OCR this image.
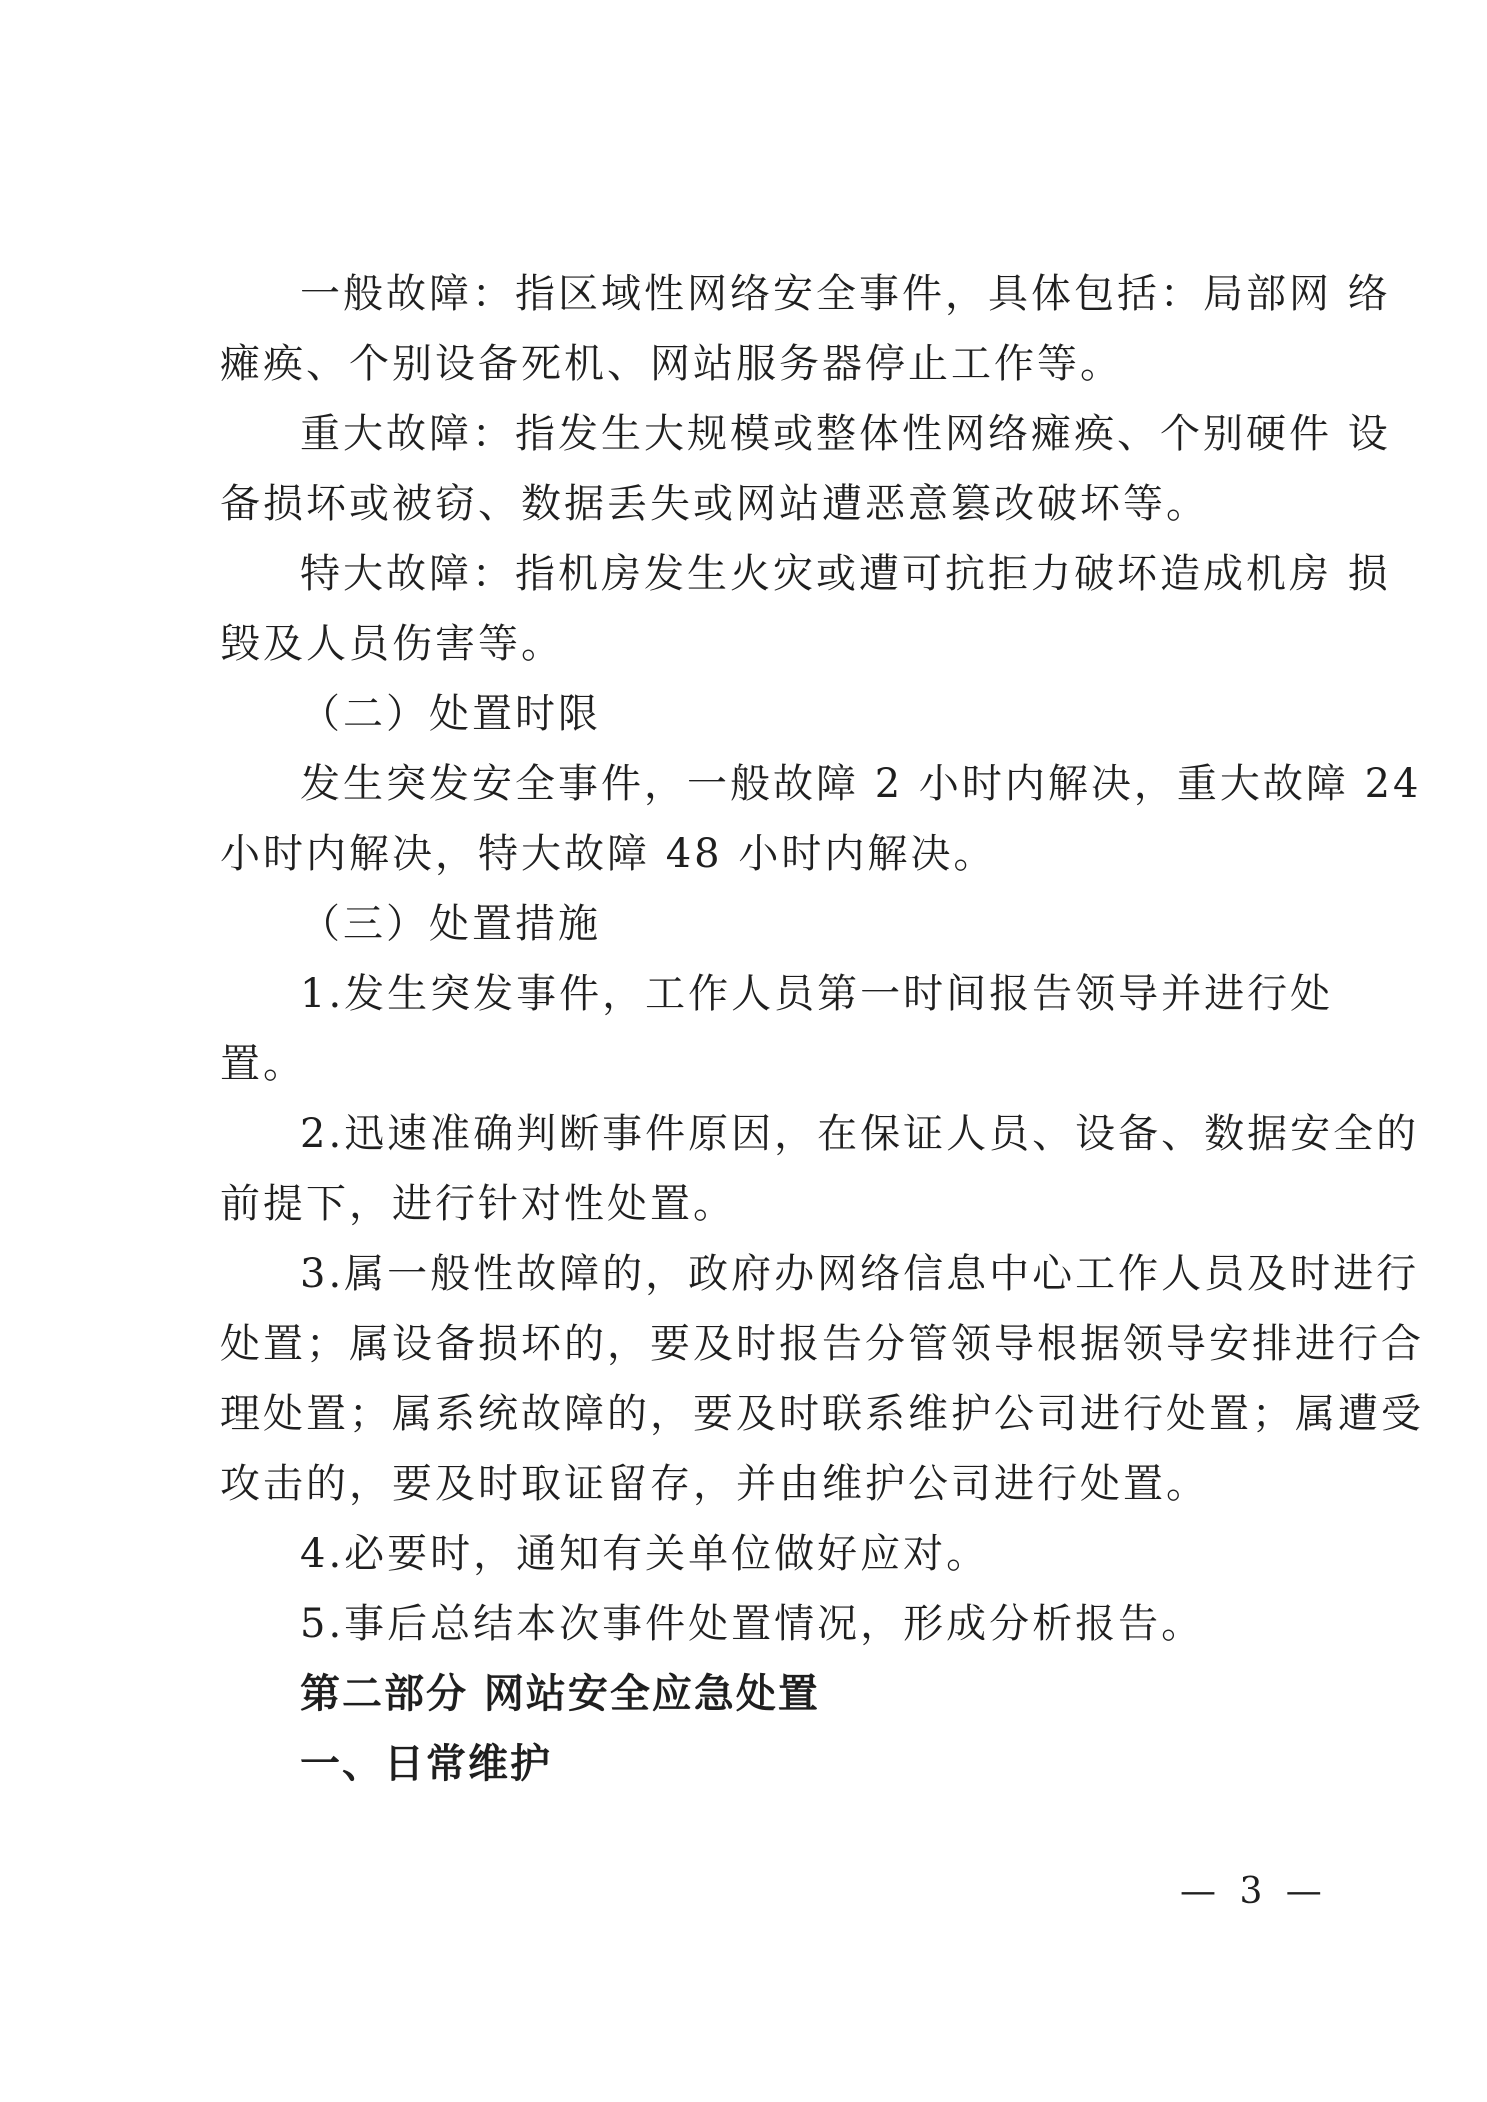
一般故障：指区域性网络安全事件，具体包括：局部网 络
瘫痪、个别设备死机、网站服务器停止工作等。
重大故障：指发生大规模或整体性网络瘫痪、个别硬件 设
备损坏或被窃、数据丢失或网站遭恶意篡改破坏等。
特大故障：指机房发生火灾或遭可抗拒力破坏造成机房 损
毁及人员伤害等。
（二）处置时限
发生突发安全事件，一般故障 2 小时内解决，重大故障 24
小时内解决，特大故障 48 小时内解决。
（三）处置措施
1.发生突发事件，工作人员第一时间报告领导并进行处
置。
2.迅速准确判断事件原因，在保证人员、设备、数据安全的
前提下，进行针对性处置。
3.属一般性故障的，政府办网络信息中心工作人员及时进行
处置；属设备损坏的，要及时报告分管领导根据领导安排进行合
理处置；属系统故障的，要及时联系维护公司进行处置；属遭受
攻击的，要及时取证留存，并由维护公司进行处置。
4.必要时，通知有关单位做好应对。
5.事后总结本次事件处置情况，形成分析报告。
第二部分 网站安全应急处置
一、日常维护
— 3 —
